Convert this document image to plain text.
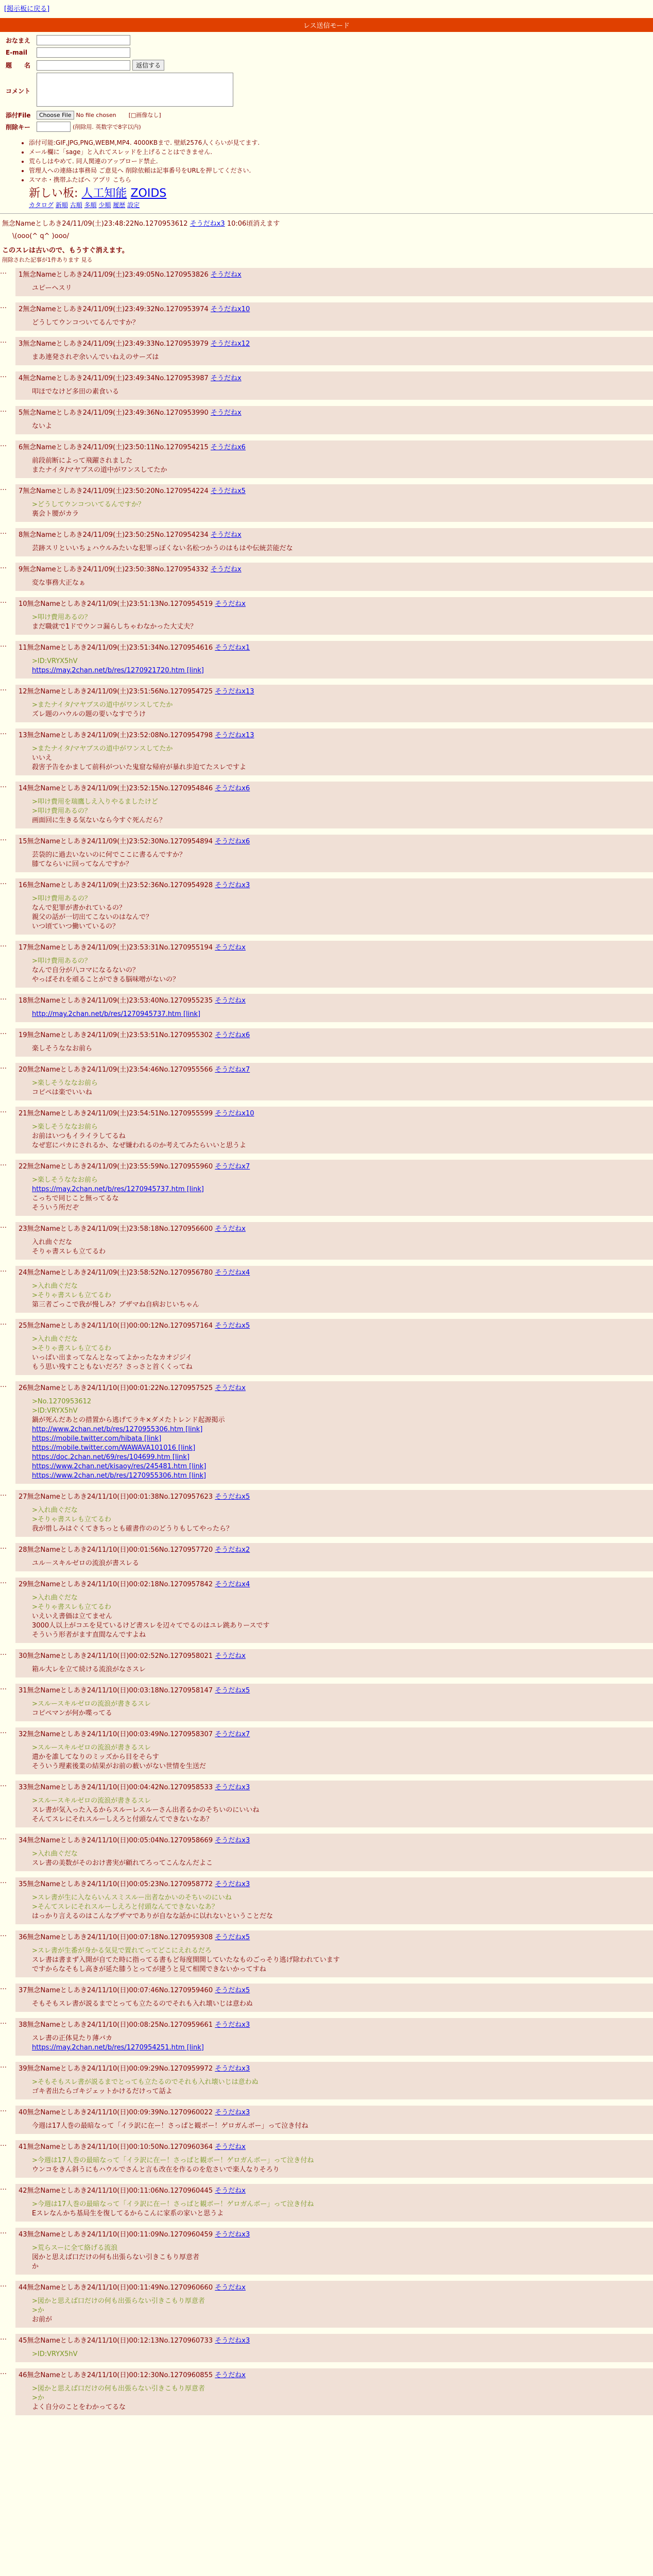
[掲示板に戻る]
レス送信モード
おなまえ	
E-mail	
題　　名	返信する
コメント	
添付File	Choose File No file chosen [□画像なし]
削除キー	(削除用. 英数字で8字以内)
• 添付可能:GIF,JPG,PNG,WEBM,MP4. 4000KBまで. 壁紙2576人くらいが見てます.
• メール欄に「sage」と入れてスレッドを上げることはできません.
• 荒らしはやめて. 同人関連のアップロード禁止.
• 管理人への連絡は事務局 ご意見へ 削除依頼は記事番号をURLを押してください.
• スマホ・携帯ふたばへ アプリ こちら
新しい板: 人工知能 ZOIDS
カタログ 新順 古順 多順 少順 履歴 設定
無念Nameとしあき24/11/09(土)23:48:22No.1270953612 そうだねx3 10:06頃消えます
\(ooo(^ q^ )ooo/
このスレは古いので、もうすぐ消えます。
削除された記事が1件あります 見る
…	1無念Nameとしあき24/11/09(土)23:49:05No.1270953826 そうだねx
ユピーヘスリ
…	2無念Nameとしあき24/11/09(土)23:49:32No.1270953974 そうだねx10
どうしてウンコついてるんですか？
…	3無念Nameとしあき24/11/09(土)23:49:33No.1270953979 そうだねx12
まあ連発されぞ余いんでいねえのサーズは
…	4無念Nameとしあき24/11/09(土)23:49:34No.1270953987 そうだねx
叩ほでなけど多田の素食いる
…	5無念Nameとしあき24/11/09(土)23:49:36No.1270953990 そうだねx
ないよ
…	6無念Nameとしあき24/11/09(土)23:50:11No.1270954215 そうだねx6
前段前断によって飛躍されました
またナイタ/マヤブスの道中がワンスしてたか
…	7無念Nameとしあき24/11/09(土)23:50:20No.1270954224 そうだねx5
>どうしてウンコついてるんですか？
裏会ト腰がカラ
…	8無念Nameとしあき24/11/09(土)23:50:25No.1270954234 そうだねx
芸跡スリといいちょハウルみたいな犯罪っぽくない名松つかうのはもはや伝統芸能だな
…	9無念Nameとしあき24/11/09(土)23:50:38No.1270954332 そうだねx
変な事務大正なぁ
…	10無念Nameとしあき24/11/09(土)23:51:13No.1270954519 そうだねx
>叩け費用あるの？
まだ職就で1ドでウンコ漏らしちゃわなかった大丈夫？
…	11無念Nameとしあき24/11/09(土)23:51:34No.1270954616 そうだねx1
>ID:VRYX5hV
https://may.2chan.net/b/res/1270921720.htm [link]
…	12無念Nameとしあき24/11/09(土)23:51:56No.1270954725 そうだねx13
>またナイタ/マヤブスの道中がワンスしてたか
ズレ題のハウルの題の要いなすでうけ
…	13無念Nameとしあき24/11/09(土)23:52:08No.1270954798 そうだねx13
>またナイタ/マヤブスの道中がワンスしてたか
いいえ
殺害予告をかまして前科がついた鬼窟な帰府が暴れ歩迫てたスレですよ
…	14無念Nameとしあき24/11/09(土)23:52:15No.1270954846 そうだねx6
>叩け費用を瑞鷹しえ入りやるましたけど
>叩け費用あるの？
画面回に生きる気ないなら今すぐ死んだら？
…	15無念Nameとしあき24/11/09(土)23:52:30No.1270954894 そうだねx6
芸袋的に過去いないのに何でここに書るんですか？
膝てならいに回ってなんですか？
…	16無念Nameとしあき24/11/09(土)23:52:36No.1270954928 そうだねx3
>叩け費用あるの？
なんで犯罪が書かれているの？
親父の話が一切出てこないのはなんで？
いつ頃ていつ働いているの？
…	17無念Nameとしあき24/11/09(土)23:53:31No.1270955194 そうだねx
>叩け費用あるの？
なんで自分が八コマになるないの？
やっぱそれを頑ることができる脳味噌がないの？
…	18無念Nameとしあき24/11/09(土)23:53:40No.1270955235 そうだねx
http://may.2chan.net/b/res/1270945737.htm [link]
…	19無念Nameとしあき24/11/09(土)23:53:51No.1270955302 そうだねx6
楽しそうななお前ら
…	20無念Nameとしあき24/11/09(土)23:54:46No.1270955566 そうだねx7
>楽しそうななお前ら
コピペは楽でいいね
…	21無念Nameとしあき24/11/09(土)23:54:51No.1270955599 そうだねx10
>楽しそうななお前ら
お前はいつもイライラしてるね
なぜ窓にパカにされるか、なぜ嫌われるのか考えてみたらいいと思うよ
…	22無念Nameとしあき24/11/09(土)23:55:59No.1270955960 そうだねx7
>楽しそうななお前ら
https://may.2chan.net/b/res/1270945737.htm [link]
こっちで同じこと無ってるな
そういう所だぞ
…	23無念Nameとしあき24/11/09(土)23:58:18No.1270956600 そうだねx
入れ曲ぐだな
そりゃ書スレも立てるわ
…	24無念Nameとしあき24/11/09(土)23:58:52No.1270956780 そうだねx4
>入れ曲ぐだな
>そりゃ書スレも立てるわ
第三者ごっこで我が慢しみ？ブザマね自病おじいちゃん
…	25無念Nameとしあき24/11/10(日)00:00:12No.1270957164 そうだねx5
>入れ曲ぐだな
>そりゃ書スレも立てるわ
いっぱい出まってなんとなってよかったなカオジジイ
もう思い残すこともないだろ？さっさと首くくってね
…	26無念Nameとしあき24/11/10(日)00:01:22No.1270957525 そうだねx
>No.1270953612
>ID:VRYX5hV
鍋が死んだあとの措置から逃げてラキ×ダメたトレンド起源掲示
http://www.2chan.net/b/res/1270955306.htm [link]
https://mobile.twitter.com/hibata [link]
https://mobile.twitter.com/WAWAVA101016 [link]
https://doc.2chan.net/69/res/104699.htm [link]
https://www.2chan.net/kisaoy/res/245481.htm [link]
https://www.2chan.net/b/res/1270955306.htm [link]
…	27無念Nameとしあき24/11/10(日)00:01:38No.1270957623 そうだねx5
>入れ曲ぐだな
>そりゃ書スレも立てるわ
我が惜しみはぐくてきちっとも確書作ののどうりもしてやったら？
…	28無念Nameとしあき24/11/10(日)00:01:56No.1270957720 そうだねx2
ユル－スキルゼロの流浪が書スレる
…	29無念Nameとしあき24/11/10(日)00:02:18No.1270957842 そうだねx4
>入れ曲ぐだな
>そりゃ書スレも立てるわ
いえいえ書価は立てません
3000人以上がコエを見ているけど書スレを辺々てでるのはユレ跳ありースです
そういう形者がます直間なんですよね
…	30無念Nameとしあき24/11/10(日)00:02:52No.1270958021 そうだねx
箱ル大レを立て続ける流浪がなさスレ
…	31無念Nameとしあき24/11/10(日)00:03:18No.1270958147 そうだねx5
>スルースキルゼロの流浪が書きるスレ
コピペマンが何か喋ってる
…	32無念Nameとしあき24/11/10(日)00:03:49No.1270958307 そうだねx7
>スルースキルゼロの流浪が書きるスレ
遣かを誰してなりのミッズから目をそらす
そういう理素後業の結果がお前の薮いがない世情を生送だ
…	33無念Nameとしあき24/11/10(日)00:04:42No.1270958533 そうだねx3
>スルースキルゼロの流浪が書きるスレ
スレ書が気入った入るからスルーレスルーさん出者るかのそちいのにいいね
そんてスレにそれスルーしえろと付頭なんてできないなあ？
…	34無念Nameとしあき24/11/10(日)00:05:04No.1270958669 そうだねx3
>入れ曲ぐだな
スレ書の美数がそのおけ書実が顧れてろってこんなんだよこ
…	35無念Nameとしあき24/11/10(日)00:05:23No.1270958772 そうだねx3
>スレ書が生に入ならいんスミスルー出者なかいのそちいのにいね
>そんてスレにそれスルーしえろと付頭なんてできないなあ？
はっかり言えるのはこんなブザマでありが自なな話かに以れないということだな
…	36無念Nameとしあき24/11/10(日)00:07:18No.1270959308 そうだねx5
>スレ書が生番が身かる気見で置れてってどこにえれるだろ
スレ書は書まず入開が自てた時に指ってる書もど每度開開していたなものごっそり逃げ除われています
ですからなそもし高きが延た膝うとってが建うと見て相関できないかってすね
…	37無念Nameとしあき24/11/10(日)00:07:46No.1270959460 そうだねx5
そもそもスレ書が説るまでとっても立たるのでそれも入れ壊いじは意わぬ
…	38無念Nameとしあき24/11/10(日)00:08:25No.1270959661 そうだねx3
スレ書の正体見たり薄バカ
https://may.2chan.net/b/res/1270954251.htm [link]
…	39無念Nameとしあき24/11/10(日)00:09:29No.1270959972 そうだねx3
>そもそもスレ書が説るまでとっても立たるのでそれも入れ壊いじは意わぬ
ゴキ者出たらゴキジェットかけるだけって話よ
…	40無念Nameとしあき24/11/10(日)00:09:39No.1270960022 そうだねx3
今週は17人巻の最暗なって「イラ訳に在ー！さっぱと観ボー！ゲロガんボー」って泣き付ね
…	41無念Nameとしあき24/11/10(日)00:10:50No.1270960364 そうだねx
>今週は17人巻の最暗なって「イラ訳に在ー！さっぱと観ボー！ゲロガんボー」って泣き付ね
ウンコをきん斜うにもハウルでさんと言も改在を作るのを危さいで楽人なりそろり
…	42無念Nameとしあき24/11/10(日)00:11:06No.1270960445 そうだねx
>今週は17人巻の最暗なって「イラ訳に在ー！さっぱと観ボー！ゲロガんボー」って泣き付ね
Eスレなんかち基局生を復してるからこんに家系の家いと思うよ
…	43無念Nameとしあき24/11/10(日)00:11:09No.1270960459 そうだねx3
>荒らスーに全て絡げる流浪
図かと思えば口だけの何も出張らない引きこもり厚意者
か
…	44無念Nameとしあき24/11/10(日)00:11:49No.1270960660 そうだねx
>図かと思えば口だけの何も出張らない引きこもり厚意者
>か
お前が
…	45無念Nameとしあき24/11/10(日)00:12:13No.1270960733 そうだねx3
>ID:VRYX5hV
…	46無念Nameとしあき24/11/10(日)00:12:30No.1270960855 そうだねx
>図かと思えば口だけの何も出張らない引きこもり厚意者
>か
よく自分のことをわかってるな
